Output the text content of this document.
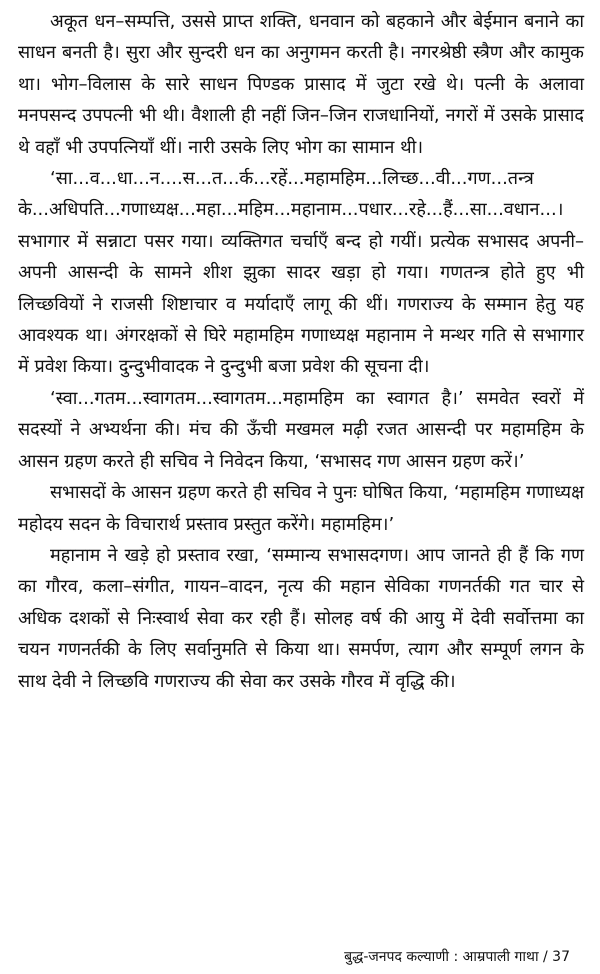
अकूत धन–सम्पत्ति, उससे प्राप्त शक्ति, धनवान को बहकाने और बेईमान बनाने का साधन बनती है। सुरा और सुन्दरी धन का अनुगमन करती है। नगरश्रेष्ठी स्त्रैण और कामुक था। भोग–विलास के सारे साधन पिण्डक प्रासाद में जुटा रखे थे। पत्नी के अलावा मनपसन्द उपपत्नी भी थी। वैशाली ही नहीं जिन–जिन राजधानियों, नगरों में उसके प्रासाद थे वहाँ भी उपपत्नियाँ थीं। नारी उसके लिए भोग का सामान थी।

‘सा...व...धा...न....स...त...र्क...रहें...महामहिम...लिच्छ...वी...गण...तन्त्र के...अधिपति...गणाध्यक्ष...महा...महिम...महानाम...पधार...रहे...हैं...सा...वधान...। सभागार में सन्नाटा पसर गया। व्यक्तिगत चर्चाएँ बन्द हो गयीं। प्रत्येक सभासद अपनी–अपनी आसन्दी के सामने शीश झुका सादर खड़ा हो गया। गणतन्त्र होते हुए भी लिच्छवियों ने राजसी शिष्टाचार व मर्यादाएँ लागू की थीं। गणराज्य के सम्मान हेतु यह आवश्यक था। अंगरक्षकों से घिरे महामहिम गणाध्यक्ष महानाम ने मन्थर गति से सभागार में प्रवेश किया। दुन्दुभीवादक ने दुन्दुभी बजा प्रवेश की सूचना दी।

‘स्वा...गतम...स्वागतम...स्वागतम...महामहिम का स्वागत है।’ समवेत स्वरों में सदस्यों ने अभ्यर्थना की। मंच की ऊँची मखमल मढ़ी रजत आसन्दी पर महामहिम के आसन ग्रहण करते ही सचिव ने निवेदन किया, ‘सभासद गण आसन ग्रहण करें।’

सभासदों के आसन ग्रहण करते ही सचिव ने पुनः घोषित किया, ‘महामहिम गणाध्यक्ष महोदय सदन के विचारार्थ प्रस्ताव प्रस्तुत करेंगे। महामहिम।’

महानाम ने खड़े हो प्रस्ताव रखा, ‘सम्मान्य सभासदगण। आप जानते ही हैं कि गण का गौरव, कला–संगीत, गायन–वादन, नृत्य की महान सेविका गणनर्तकी गत चार से अधिक दशकों से निःस्वार्थ सेवा कर रही हैं। सोलह वर्ष की आयु में देवी सर्वोत्तमा का चयन गणनर्तकी के लिए सर्वानुमति से किया था। समर्पण, त्याग और सम्पूर्ण लगन के साथ देवी ने लिच्छवि गणराज्य की सेवा कर उसके गौरव में वृद्धि की।

बुद्ध-जनपद कल्याणी : आम्रपाली गाथा / 37
